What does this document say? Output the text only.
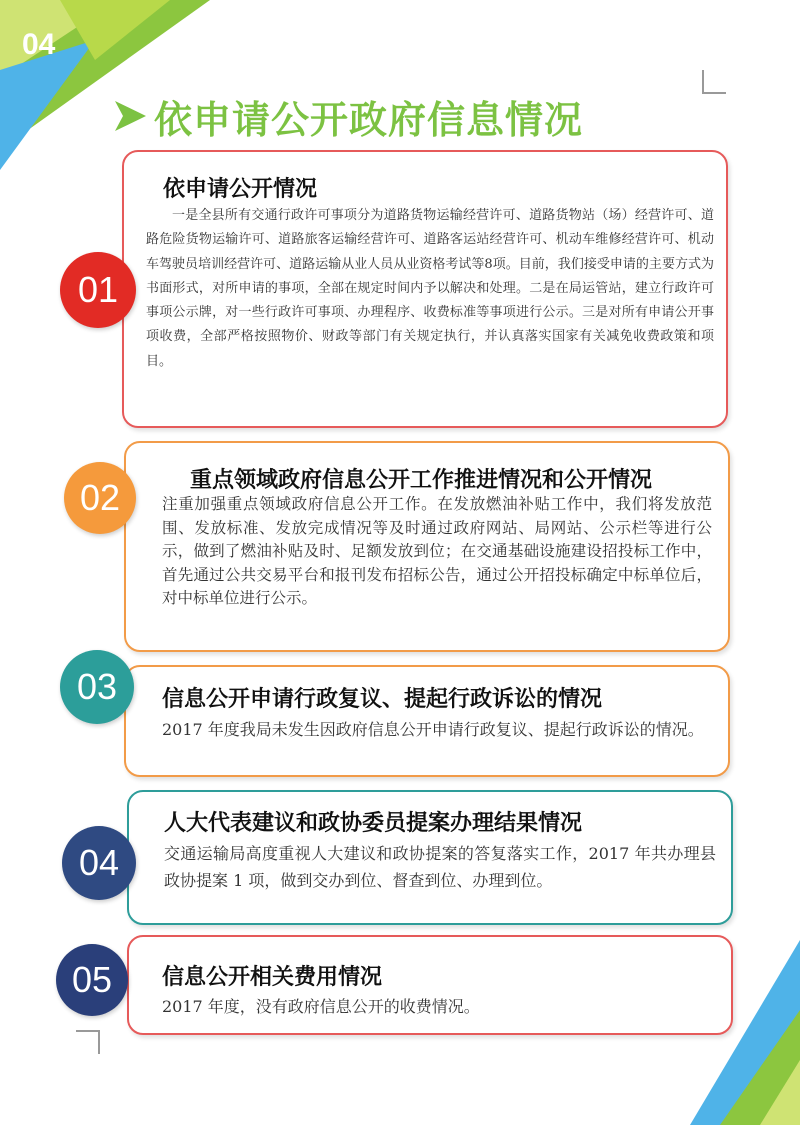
04
依申请公开政府信息情况
01
依申请公开情况
一是全县所有交通行政许可事项分为道路货物运输经营许可、道路货物站（场）经营许可、道路危险货物运输许可、道路旅客运输经营许可、道路客运站经营许可、机动车维修经营许可、机动车驾驶员培训经营许可、道路运输从业人员从业资格考试等8项。目前，我们接受申请的主要方式为书面形式，对所申请的事项，全部在规定时间内予以解决和处理。二是在局运管站，建立行政许可事项公示牌，对一些行政许可事项、办理程序、收费标准等事项进行公示。三是对所有申请公开事项收费，全部严格按照物价、财政等部门有关规定执行，并认真落实国家有关减免收费政策和项目。
02	重点领域政府信息公开工作推进情况和公开情况
注重加强重点领域政府信息公开工作。在发放燃油补贴工作中，我们将发放范围、发放标准、发放完成情况等及时通过政府网站、局网站、公示栏等进行公示，做到了燃油补贴及时、足额发放到位；在交通基础设施建设招投标工作中，首先通过公共交易平台和报刊发布招标公告，通过公开招投标确定中标单位后，对中标单位进行公示。
03	信息公开申请行政复议、提起行政诉讼的情况
2017 年度我局未发生因政府信息公开申请行政复议、提起行政诉讼的情况。
04
人大代表建议和政协委员提案办理结果情况
交通运输局高度重视人大建议和政协提案的答复落实工作，2017 年共办理县政协提案 1 项，做到交办到位、督查到位、办理到位。
05	信息公开相关费用情况
2017 年度，没有政府信息公开的收费情况。
